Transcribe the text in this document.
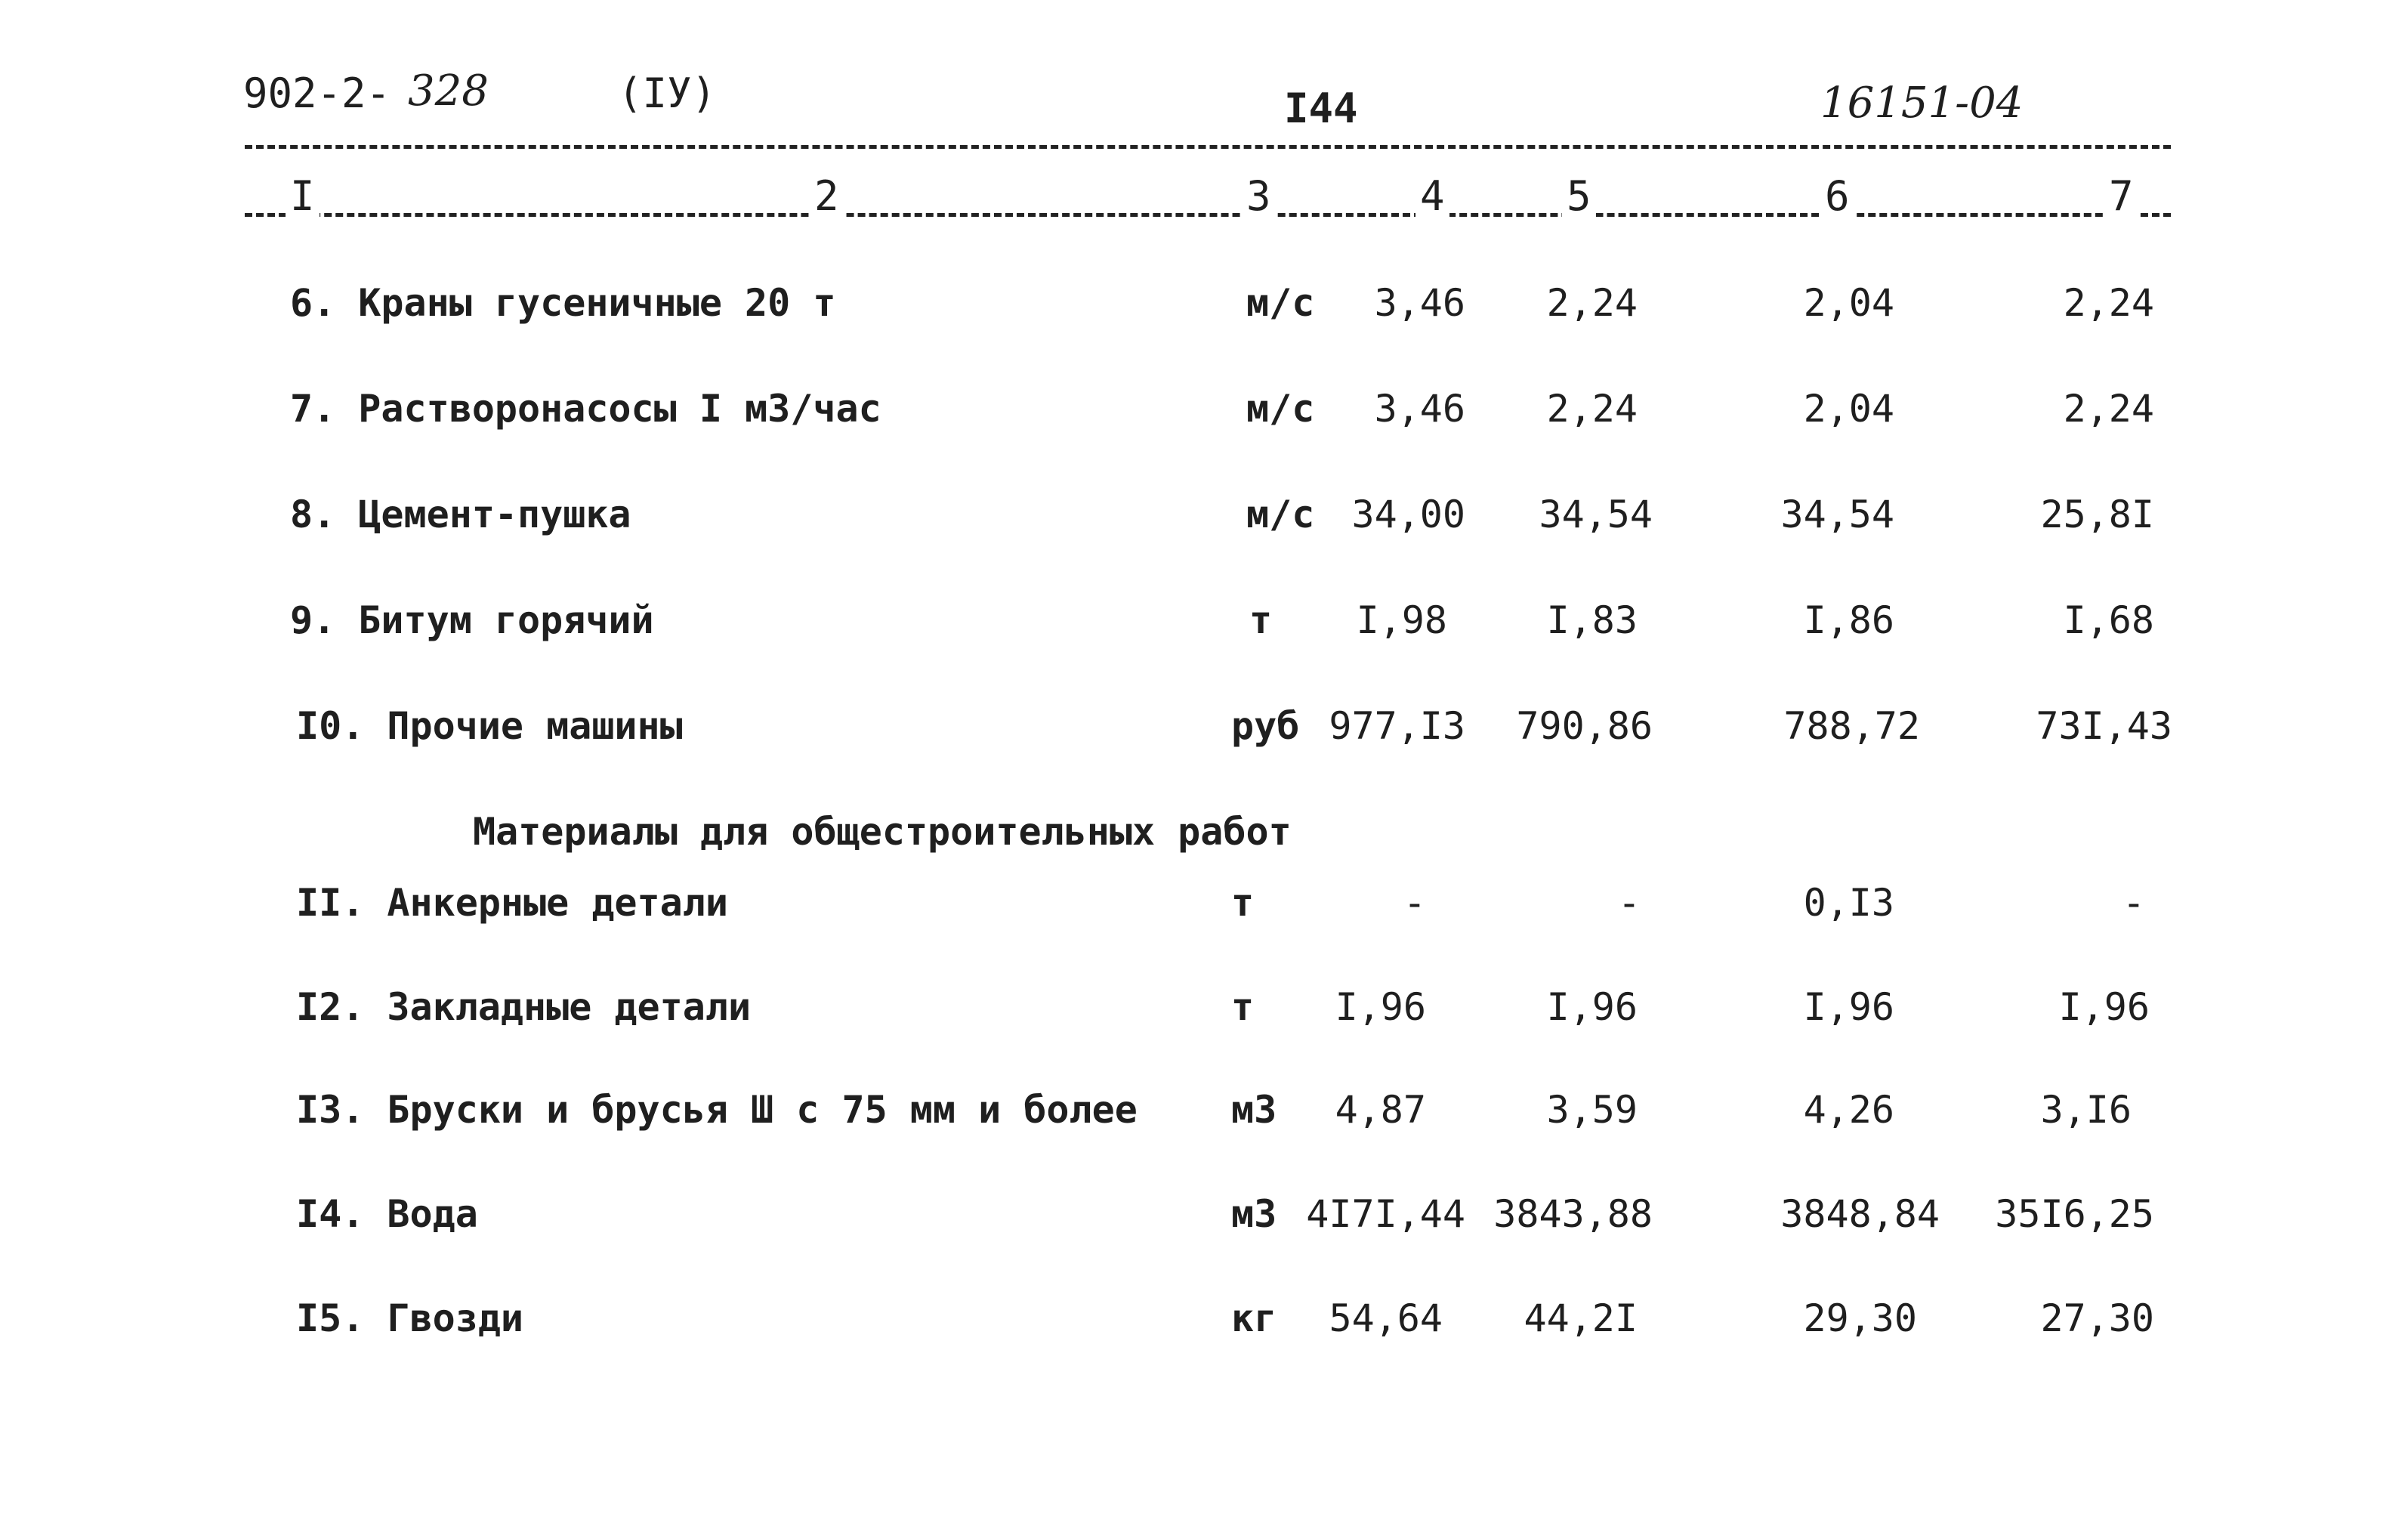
902-2- 328	(IУ)	I44	16151-04
I	2	3	4	5	6	7
6. Краны гусеничные 20 т	м/с 3,46 2,24	2,04	2,24
7. Растворонасосы I м3/час	м/с 3,46 2,24	2,04	2,24
8. Цемент-пушка	м/с 34,00 34,54	34,54	25,8I
9. Битум горячий	т I,98	I,83	I,86	I,68
I0. Прочие машины	руб 977,I3 790,86	788,72	73I,43
Материалы для общестроительных работ
II. Анкерные детали	т	-	-	0,I3	-
I2. Закладные детали	т I,96	I,96	I,96	I,96
I3. Бруски и брусья Ш с 75 мм и более м3 4,87	3,59	4,26	3,I6
I4. Вода	м3 4I7I,44 3843,88	3848,84 35I6,25
I5. Гвозди	кг 54,64 44,2I	29,30	27,30
